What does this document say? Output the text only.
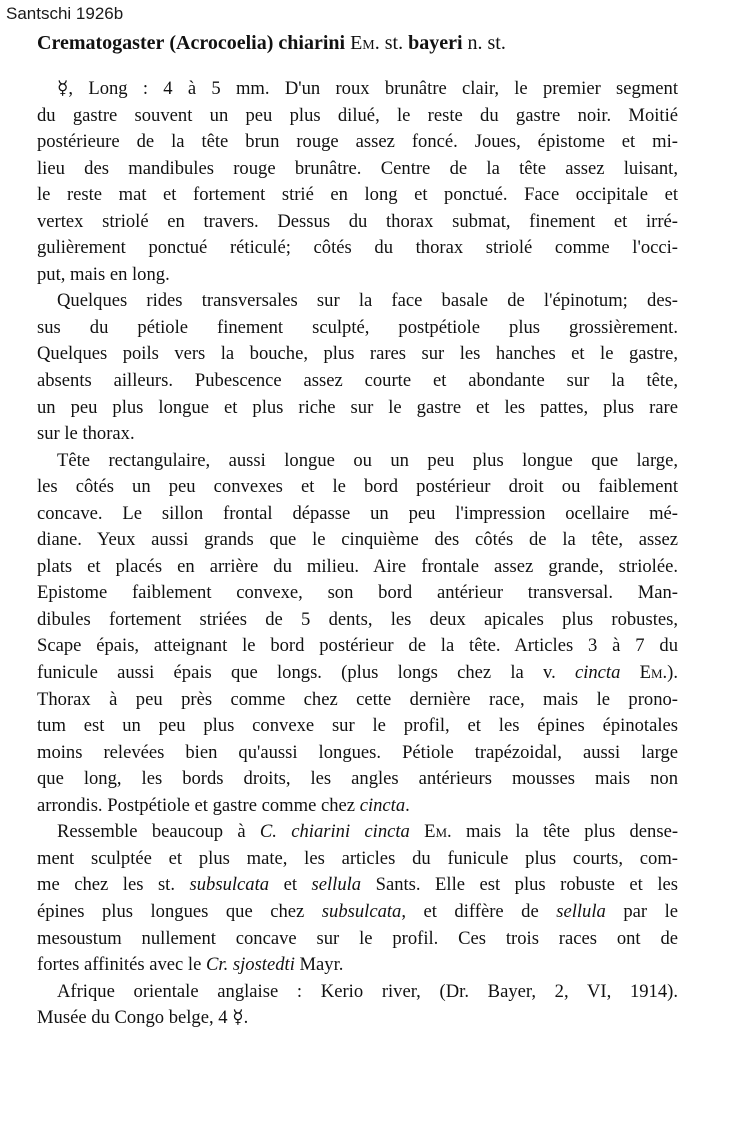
Santschi 1926b
Crematogaster (Acrocoelia) chiarini Em. st. bayeri n. st.
☿, Long : 4 à 5 mm. D'un roux brunâtre clair, le premier segment
du gastre souvent un peu plus dilué, le reste du gastre noir. Moitié
postérieure de la tête brun rouge assez foncé. Joues, épistome et mi-
lieu des mandibules rouge brunâtre. Centre de la tête assez luisant,
le reste mat et fortement strié en long et ponctué. Face occipitale et
vertex striolé en travers. Dessus du thorax submat, finement et irré-
gulièrement ponctué réticulé; côtés du thorax striolé comme l'occi-
put, mais en long.
Quelques rides transversales sur la face basale de l'épinotum; des-
sus du pétiole finement sculpté, postpétiole plus grossièrement.
Quelques poils vers la bouche, plus rares sur les hanches et le gastre,
absents ailleurs. Pubescence assez courte et abondante sur la tête,
un peu plus longue et plus riche sur le gastre et les pattes, plus rare
sur le thorax.
Tête rectangulaire, aussi longue ou un peu plus longue que large,
les côtés un peu convexes et le bord postérieur droit ou faiblement
concave. Le sillon frontal dépasse un peu l'impression ocellaire mé-
diane. Yeux aussi grands que le cinquième des côtés de la tête, assez
plats et placés en arrière du milieu. Aire frontale assez grande, striolée.
Epistome faiblement convexe, son bord antérieur transversal. Man-
dibules fortement striées de 5 dents, les deux apicales plus robustes,
Scape épais, atteignant le bord postérieur de la tête. Articles 3 à 7 du
funicule aussi épais que longs. (plus longs chez la v. cincta Em.).
Thorax à peu près comme chez cette dernière race, mais le prono-
tum est un peu plus convexe sur le profil, et les épines épinotales
moins relevées bien qu'aussi longues. Pétiole trapézoidal, aussi large
que long, les bords droits, les angles antérieurs mousses mais non
arrondis. Postpétiole et gastre comme chez cincta.
Ressemble beaucoup à C. chiarini cincta Em. mais la tête plus dense-
ment sculptée et plus mate, les articles du funicule plus courts, com-
me chez les st. subsulcata et sellula Sants. Elle est plus robuste et les
épines plus longues que chez subsulcata, et diffère de sellula par le
mesoustum nullement concave sur le profil. Ces trois races ont de
fortes affinités avec le Cr. sjostedti Mayr.
Afrique orientale anglaise : Kerio river, (Dr. Bayer, 2, VI, 1914).
Musée du Congo belge, 4 ☿.
